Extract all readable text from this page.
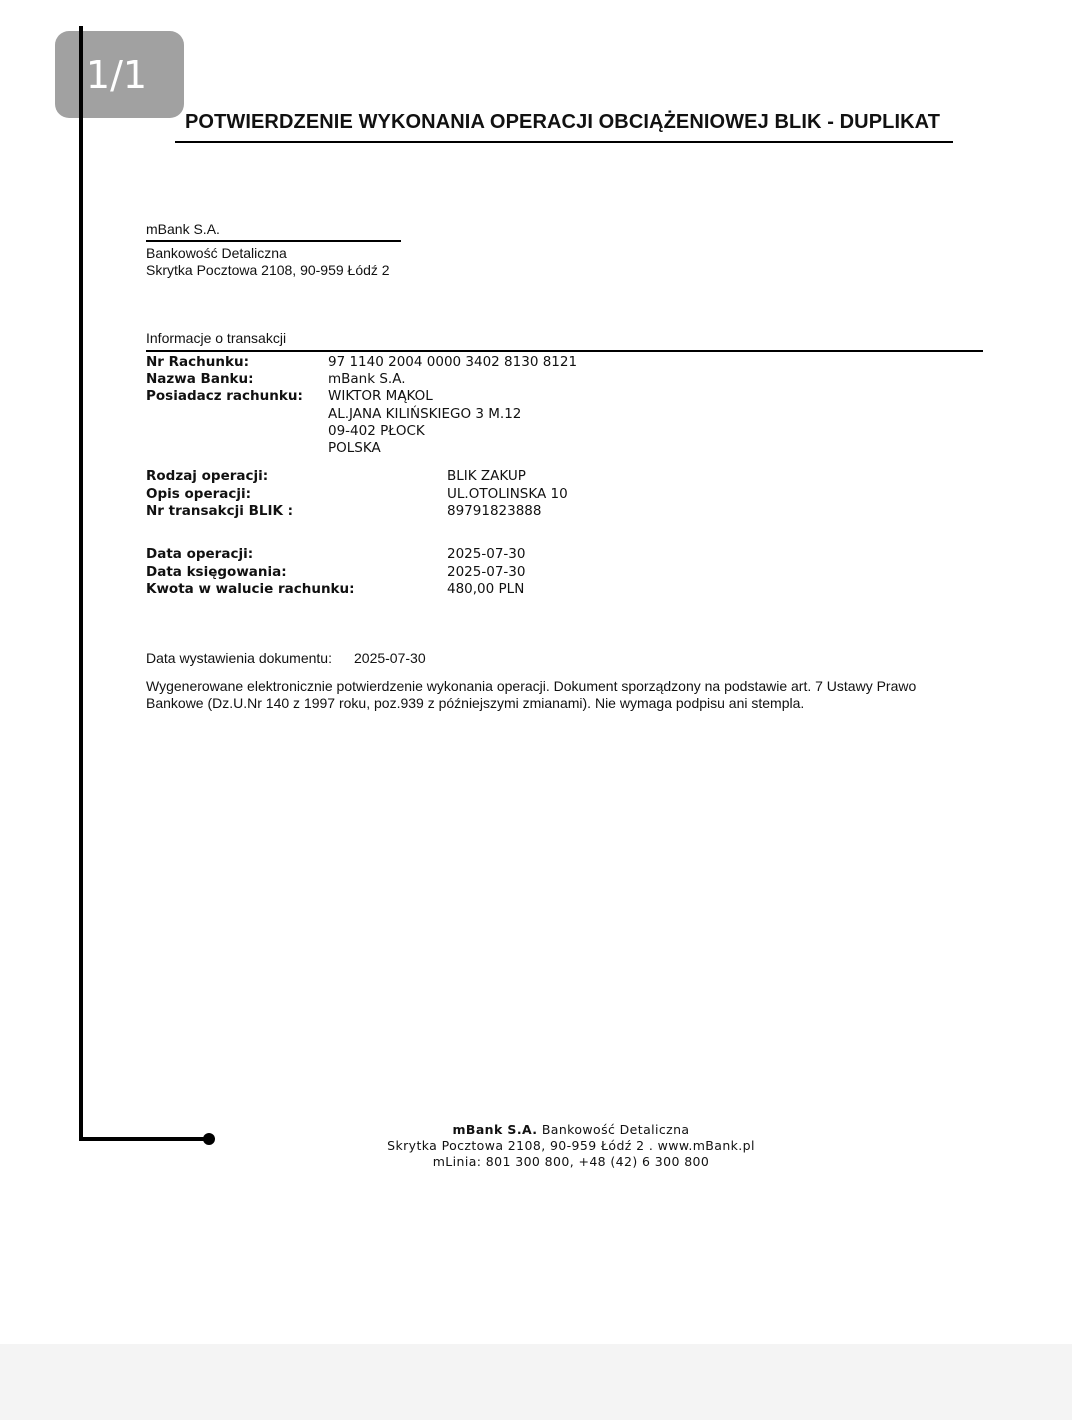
1/1
POTWIERDZENIE WYKONANIA OPERACJI OBCIĄŻENIOWEJ BLIK - DUPLIKAT
mBank S.A.
Bankowość Detaliczna
Skrytka Pocztowa 2108, 90-959 Łódź 2
Informacje o transakcji
Nr Rachunku:	97 1140 2004 0000 3402 8130 8121
Nazwa Banku:	mBank S.A.
Posiadacz rachunku: WIKTOR MĄKOL
AL.JANA KILIŃSKIEGO 3 M.12
09-402 PŁOCK
POLSKA
Rodzaj operacji:	BLIK ZAKUP
Opis operacji:	UL.OTOLINSKA 10
Nr transakcji BLIK :	89791823888
Data operacji:	2025-07-30
Data księgowania:	2025-07-30
Kwota w walucie rachunku:	480,00 PLN
Data wystawienia dokumentu: 2025-07-30
Wygenerowane elektronicznie potwierdzenie wykonania operacji. Dokument sporządzony na podstawie art. 7 Ustawy Prawo Bankowe (Dz.U.Nr 140 z 1997 roku, poz.939 z późniejszymi zmianami). Nie wymaga podpisu ani stempla.
mBank S.A. Bankowość Detaliczna
Skrytka Pocztowa 2108, 90-959 Łódź 2 . www.mBank.pl
mLinia: 801 300 800, +48 (42) 6 300 800
